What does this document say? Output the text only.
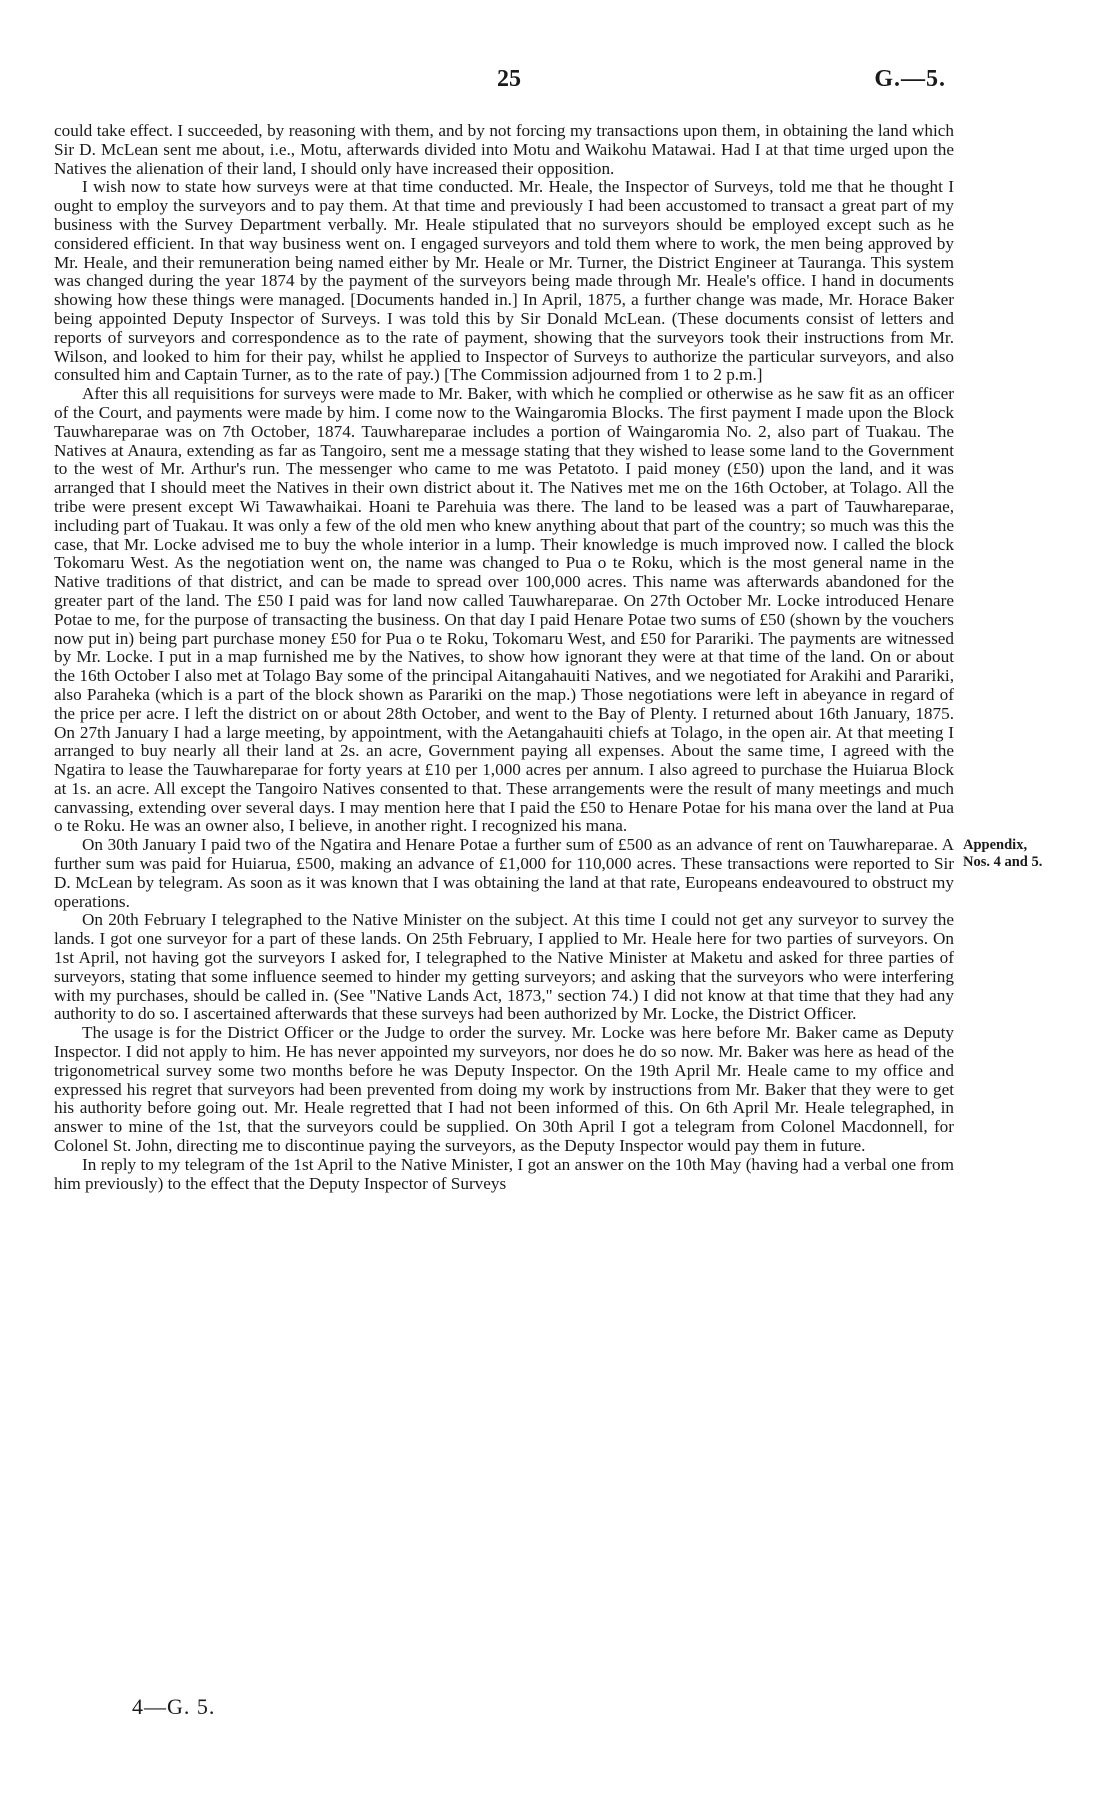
25	G.—5.

could take effect. I succeeded, by reasoning with them, and by not forcing my transactions upon them, in obtaining the land which Sir D. McLean sent me about, i.e., Motu, afterwards divided into Motu and Waikohu Matawai. Had I at that time urged upon the Natives the alienation of their land, I should only have increased their opposition.

I wish now to state how surveys were at that time conducted. Mr. Heale, the Inspector of Surveys, told me that he thought I ought to employ the surveyors and to pay them. At that time and previously I had been accustomed to transact a great part of my business with the Survey Department verbally. Mr. Heale stipulated that no surveyors should be employed except such as he considered efficient. In that way business went on. I engaged surveyors and told them where to work, the men being approved by Mr. Heale, and their remuneration being named either by Mr. Heale or Mr. Turner, the District Engineer at Tauranga. This system was changed during the year 1874 by the payment of the surveyors being made through Mr. Heale's office. I hand in documents showing how these things were managed. [Documents handed in.] In April, 1875, a further change was made, Mr. Horace Baker being appointed Deputy Inspector of Surveys. I was told this by Sir Donald McLean. (These documents consist of letters and reports of surveyors and correspondence as to the rate of payment, showing that the surveyors took their instructions from Mr. Wilson, and looked to him for their pay, whilst he applied to Inspector of Surveys to authorize the particular surveyors, and also consulted him and Captain Turner, as to the rate of pay.) [The Commission adjourned from 1 to 2 p.m.]

After this all requisitions for surveys were made to Mr. Baker, with which he complied or otherwise as he saw fit as an officer of the Court, and payments were made by him. I come now to the Waingaromia Blocks. The first payment I made upon the Block Tauwhareparae was on 7th October, 1874. Tauwhareparae includes a portion of Waingaromia No. 2, also part of Tuakau. The Natives at Anaura, extending as far as Tangoiro, sent me a message stating that they wished to lease some land to the Government to the west of Mr. Arthur's run. The messenger who came to me was Petatoto. I paid money (£50) upon the land, and it was arranged that I should meet the Natives in their own district about it. The Natives met me on the 16th October, at Tolago. All the tribe were present except Wi Tawawhaikai. Hoani te Parehuia was there. The land to be leased was a part of Tauwhareparae, including part of Tuakau. It was only a few of the old men who knew anything about that part of the country; so much was this the case, that Mr. Locke advised me to buy the whole interior in a lump. Their knowledge is much improved now. I called the block Tokomaru West. As the negotiation went on, the name was changed to Pua o te Roku, which is the most general name in the Native traditions of that district, and can be made to spread over 100,000 acres. This name was afterwards abandoned for the greater part of the land. The £50 I paid was for land now called Tauwhareparae. On 27th October Mr. Locke introduced Henare Potae to me, for the purpose of transacting the business. On that day I paid Henare Potae two sums of £50 (shown by the vouchers now put in) being part purchase money £50 for Pua o te Roku, Tokomaru West, and £50 for Parariki. The payments are witnessed by Mr. Locke. I put in a map furnished me by the Natives, to show how ignorant they were at that time of the land. On or about the 16th October I also met at Tolago Bay some of the principal Aitangahauiti Natives, and we negotiated for Arakihi and Parariki, also Paraheka (which is a part of the block shown as Parariki on the map.) Those negotiations were left in abeyance in regard of the price per acre. I left the district on or about 28th October, and went to the Bay of Plenty. I returned about 16th January, 1875. On 27th January I had a large meeting, by appointment, with the Aetangahauiti chiefs at Tolago, in the open air. At that meeting I arranged to buy nearly all their land at 2s. an acre, Government paying all expenses. About the same time, I agreed with the Ngatira to lease the Tauwhareparae for forty years at £10 per 1,000 acres per annum. I also agreed to purchase the Huiarua Block at 1s. an acre. All except the Tangoiro Natives consented to that. These arrangements were the result of many meetings and much canvassing, extending over several days. I may mention here that I paid the £50 to Henare Potae for his mana over the land at Pua o te Roku. He was an owner also, I believe, in another right. I recognized his mana.

On 30th January I paid two of the Ngatira and Henare Potae a further sum of £500 as an advance of rent on Tauwhareparae. A further sum was paid for Huiarua, £500, making an advance of £1,000 for 110,000 acres. These transactions were reported to Sir D. McLean by telegram. As soon as it was known that I was obtaining the land at that rate, Europeans endeavoured to obstruct my operations.

On 20th February I telegraphed to the Native Minister on the subject. At this time I could not get any surveyor to survey the lands. I got one surveyor for a part of these lands. On 25th February, I applied to Mr. Heale here for two parties of surveyors. On 1st April, not having got the surveyors I asked for, I telegraphed to the Native Minister at Maketu and asked for three parties of surveyors, stating that some influence seemed to hinder my getting surveyors; and asking that the surveyors who were interfering with my purchases, should be called in. (See "Native Lands Act, 1873," section 74.) I did not know at that time that they had any authority to do so. I ascertained afterwards that these surveys had been authorized by Mr. Locke, the District Officer.

The usage is for the District Officer or the Judge to order the survey. Mr. Locke was here before Mr. Baker came as Deputy Inspector. I did not apply to him. He has never appointed my surveyors, nor does he do so now. Mr. Baker was here as head of the trigonometrical survey some two months before he was Deputy Inspector. On the 19th April Mr. Heale came to my office and expressed his regret that surveyors had been prevented from doing my work by instructions from Mr. Baker that they were to get his authority before going out. Mr. Heale regretted that I had not been informed of this. On 6th April Mr. Heale telegraphed, in answer to mine of the 1st, that the surveyors could be supplied. On 30th April I got a telegram from Colonel Macdonnell, for Colonel St. John, directing me to discontinue paying the surveyors, as the Deputy Inspector would pay them in future.

In reply to my telegram of the 1st April to the Native Minister, I got an answer on the 10th May (having had a verbal one from him previously) to the effect that the Deputy Inspector of Surveys

Appendix,
Nos. 4 and 5.
4—G. 5.
